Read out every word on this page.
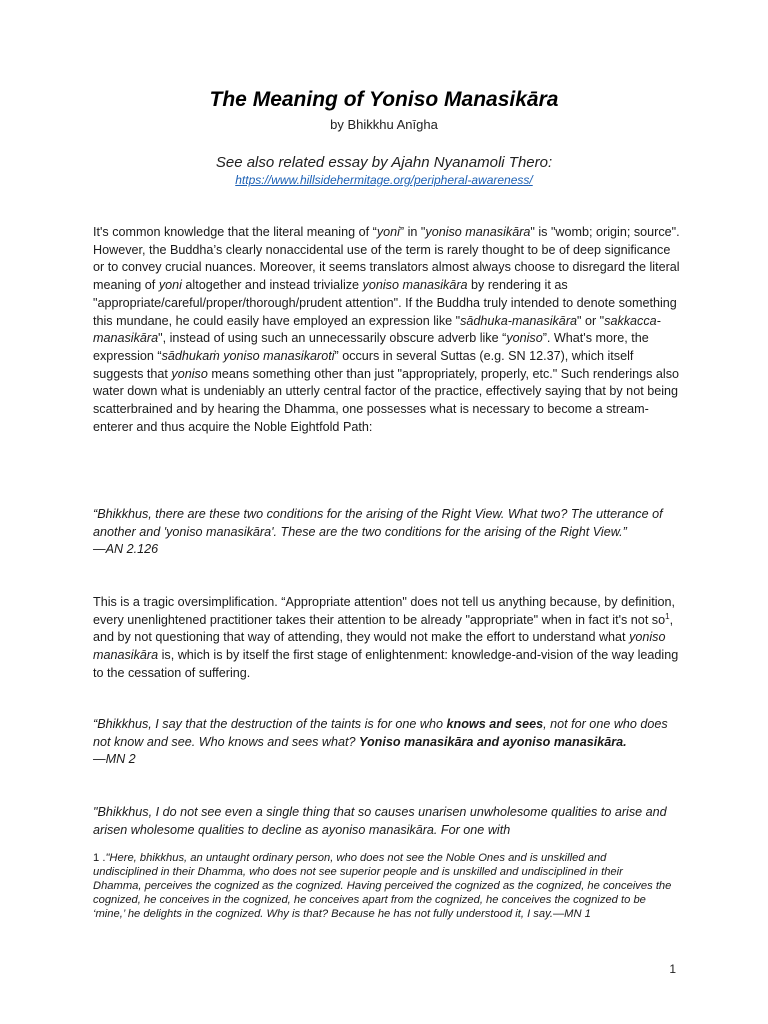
The Meaning of Yoniso Manasikāra
by Bhikkhu Anīgha
See also related essay by Ajahn Nyanamoli Thero:
https://www.hillsidehermitage.org/peripheral-awareness/

It's common knowledge that the literal meaning of “yoni” in "yoniso manasikāra" is "womb; origin; source". However, the Buddha’s clearly nonaccidental use of the term is rarely thought to be of deep significance or to convey crucial nuances. Moreover, it seems translators almost always choose to disregard the literal meaning of yoni altogether and instead trivialize yoniso manasikāra by rendering it as "appropriate/careful/proper/thorough/prudent attention". If the Buddha truly intended to denote something this mundane, he could easily have employed an expression like "sādhuka-manasikāra" or "sakkacca-manasikāra", instead of using such an unnecessarily obscure adverb like “yoniso”. What's more, the expression “sādhukaṁ yoniso manasikaroti” occurs in several Suttas (e.g. SN 12.37), which itself suggests that yoniso means something other than just "appropriately, properly, etc." Such renderings also water down what is undeniably an utterly central factor of the practice, effectively saying that by not being scatterbrained and by hearing the Dhamma, one possesses what is necessary to become a stream-enterer and thus acquire the Noble Eightfold Path:

“Bhikkhus, there are these two conditions for the arising of the Right View. What two? The utterance of another and 'yoniso manasikāra'. These are the two conditions for the arising of the Right View.”

—AN 2.126

This is a tragic oversimplification. “Appropriate attention" does not tell us anything because, by definition, every unenlightened practitioner takes their attention to be already "appropriate" when in fact it's not $so^1$, and by not questioning that way of attending, they would not make the effort to understand what yoniso manasikāra is, which is by itself the first stage of enlightenment: knowledge-and-vision of the way leading to the cessation of suffering.

“Bhikkhus, I say that the destruction of the taints is for one who knows and sees, not for one who does not know and see. Who knows and sees what? Yoniso manasikāra and ayoniso manasikāra.

—MN 2

"Bhikkhus, I do not see even a single thing that so causes unarisen unwholesome qualities to arise and arisen wholesome qualities to decline as ayoniso manasikāra. For one with

1 ."Here, bhikkhus, an untaught ordinary person, who does not see the Noble Ones and is unskilled and undisciplined in their Dhamma, who does not see superior people and is unskilled and undisciplined in their Dhamma, perceives the cognized as the cognized. Having perceived the cognized as the cognized, he conceives the cognized, he conceives in the cognized, he conceives apart from the cognized, he conceives the cognized to be ‘mine,’ he delights in the cognized. Why is that? Because he has not fully understood it, I say.—MN 1
1
